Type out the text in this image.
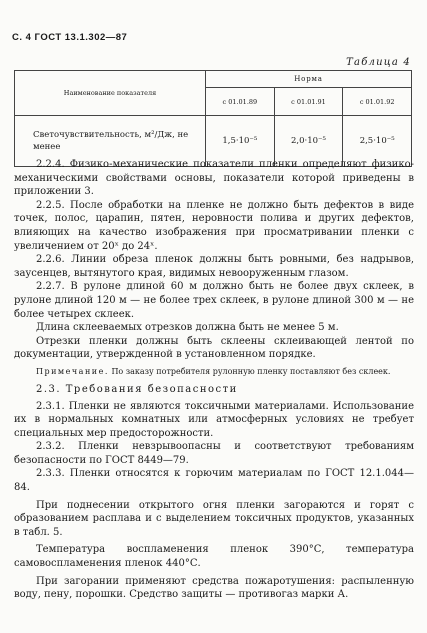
С. 4 ГОСТ 13.1.302—87
Таблица 4
Наименование показателя	Норма		
	с 01.01.89	с 01.01.91	с 01.01.92
Светочувствительность, м²/Дж, не менее	1,5·10⁻⁵	2,0·10⁻⁵	2,5·10⁻⁵

2.2.4. Физико-механические показатели пленки определяют физико-механическими свойствами основы, показатели которой приведены в приложении 3.

2.2.5. После обработки на пленке не должно быть дефектов в виде точек, полос, царапин, пятен, неровности полива и других дефектов, влияющих на качество изображения при просматривании пленки с увеличением от 20ˣ до 24ˣ.

2.2.6. Линии обреза пленок должны быть ровными, без надрывов, заусенцев, вытянутого края, видимых невооруженным глазом.

2.2.7. В рулоне длиной 60 м должно быть не более двух склеек, в рулоне длиной 120 м — не более трех склеек, в рулоне длиной 300 м — не более четырех склеек.

Длина склееваемых отрезков должна быть не менее 5 м.

Отрезки пленки должны быть склеены склеивающей лентой по документации, утвержденной в установленном порядке.

Примечание. По заказу потребителя рулонную пленку поставляют без склеек.

2.3. Требования безопасности

2.3.1. Пленки не являются токсичными материалами. Использование их в нормальных комнатных или атмосферных условиях не требует специальных мер предосторожности.

2.3.2. Пленки невзрывоопасны и соответствуют требованиям безопасности по ГОСТ 8449—79.

2.3.3. Пленки относятся к горючим материалам по ГОСТ 12.1.044—84.

При поднесении открытого огня пленки загораются и горят с образованием расплава и с выделением токсичных продуктов, указанных в табл. 5.

Температура воспламенения пленок 390°С, температура самовоспламенения пленок 440°С.

При загорании применяют средства пожаротушения: распыленную воду, пену, порошки. Средство защиты — противогаз марки А.
